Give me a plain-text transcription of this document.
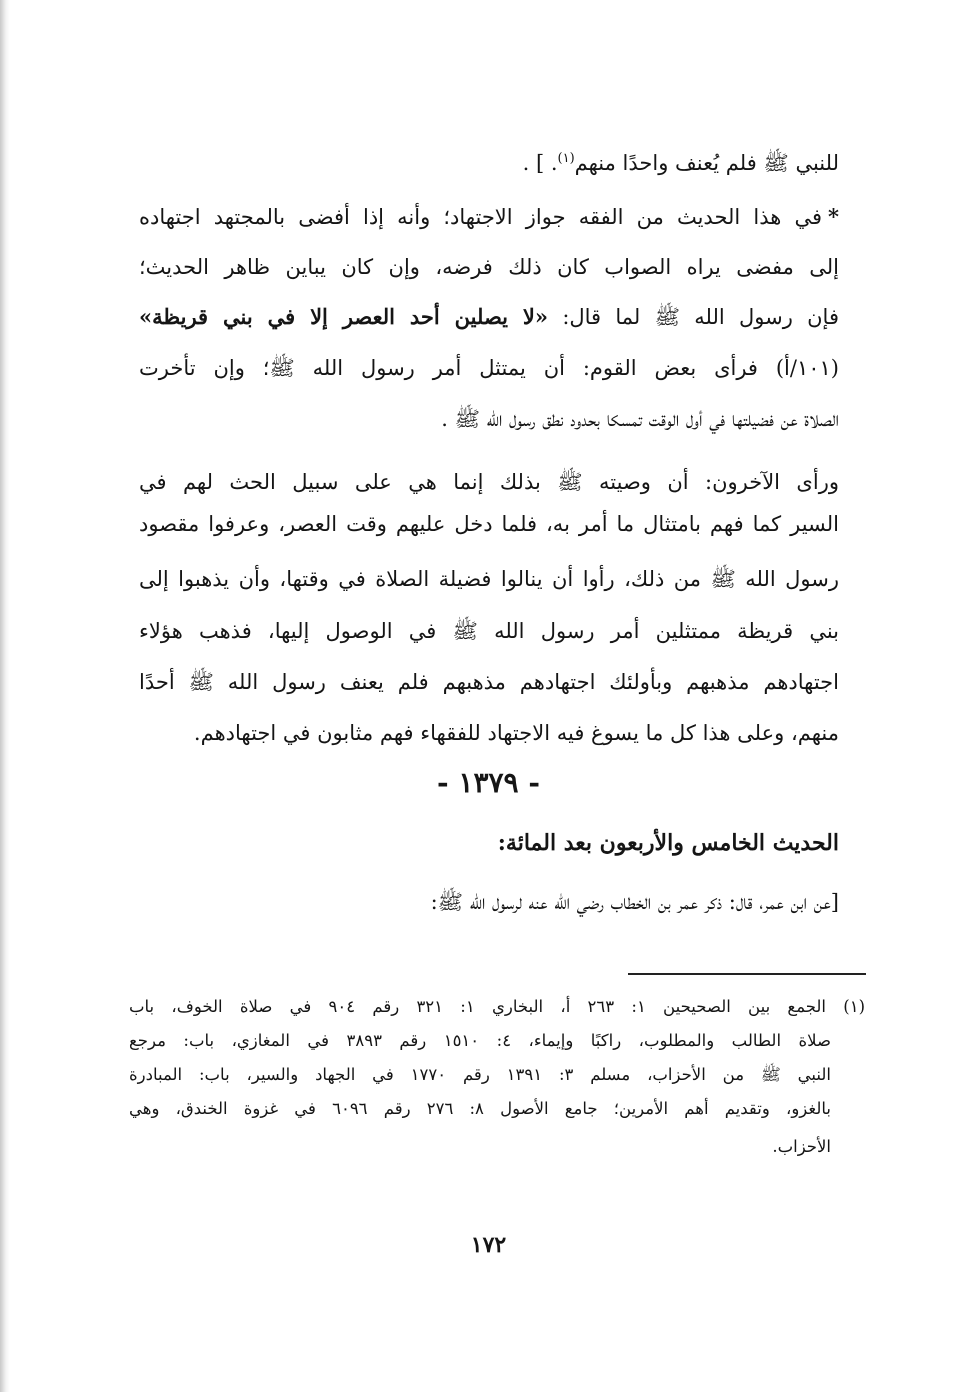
للنبي ﷺ فلم يُعنف واحدًا منهم$^{(١)}$. ] .
*في هذا الحديث من الفقه جواز الاجتهاد؛ وأنه إذا أفضى بالمجتهد اجتهاده
إلى مفضى يراه الصواب كان ذلك فرضه، وإن كان يباين ظاهر الحديث؛
فإن رسول الله ﷺ لما قال: «لا يصلين أحد العصر إلا في بني قريظة»
(١٠١/أ) فرأى بعض القوم: أن يمتثل أمر رسول الله ﷺ؛ وإن تأخرت
الصلاة عن فضيلتها في أول الوقت تمسكا بحدود نطق رسول الله ﷺ .
ورأى الآخرون: أن وصيته ﷺ بذلك إنما هي على سبيل الحث لهم في
السير كما فهم بامتثال ما أمر به، فلما دخل عليهم وقت العصر، وعرفوا مقصود
رسول الله ﷺ من ذلك، رأوا أن ينالوا فضيلة الصلاة في وقتها، وأن يذهبوا إلى
بني قريظة ممتثلين أمر رسول الله ﷺ في الوصول إليها، فذهب هؤلاء
اجتهادهم مذهبهم وبأولئك اجتهادهم مذهبهم فلم يعنف رسول الله ﷺ أحدًا
منهم، وعلى هذا كل ما يسوغ فيه الاجتهاد للفقهاء فهم مثابون في اجتهادهم.
- ١٣٧٩ -
الحديث الخامس والأربعون بعد المائة:
[عن ابن عمر، قال: ذكر عمر بن الخطاب رضي الله عنه لرسول الله ﷺ:
(١) الجمع بين الصحيحين ١: ٢٦٣ أ، البخاري ١: ٣٢١ رقم ٩٠٤ في صلاة الخوف، باب
صلاة الطالب والمطلوب، راكبًا وإيماء، ٤: ١٥١٠ رقم ٣٨٩٣ في المغازي، باب: مرجع
النبي ﷺ من الأحزاب، مسلم ٣: ١٣٩١ رقم ١٧٧٠ في الجهاد والسير، باب: المبادرة
بالغزو، وتقديم أهم الأمرين؛ جامع الأصول ٨: ٢٧٦ رقم ٦٠٩٦ في غزوة الخندق، وهي
الأحزاب.
١٧٢
